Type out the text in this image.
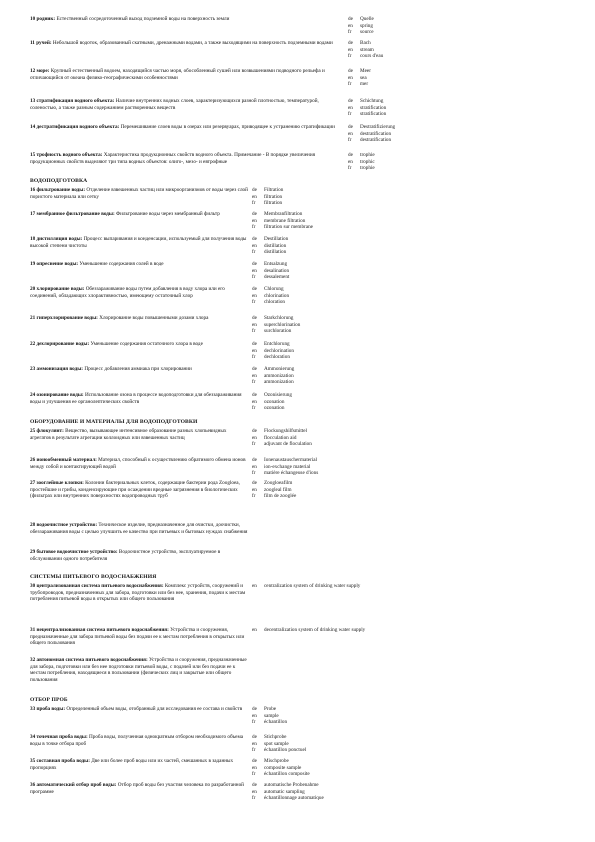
10 родник: Естественный сосредоточенный выход подземной воды на поверхность земли	de Quelle
en spring
fr source
11 ручей: Небольшой водоток, образованный скатными, дренажными водами, а также выходящими на поверхность подземными водами	de Bach
en stream
fr cours d'eau
12 море: Крупный естественный водоем, находящийся частью моря, обособленный сушей или возвышениями подводного рельефа и отличающийся от океана физико-географическими особенностями
de Meer
en sea
fr mer
13 стратификация водного объекта: Наличие внутренних водных слоев, характеризующихся разной плотностью, температурой, соленостью, а также разным содержанием растворенных веществ
de Schichtung
en stratification
fr stratification
14 дестратификация водного объекта: Перемешивание слоев воды в озерах или резервуарах, приводящее к устранению стратификации	de Destratifizierung
en destratification
fr destratification
15 трофность водного объекта: Характеристика продукционных свойств водного объекта. Примечание - В порядке увеличения продукционных свойств выделяют три типа водных объектов: олиго-, мезо- и евтрофные
de trophie
en trophic
fr trophie
ВОДОПОДГОТОВКА
16 фильтрование воды: Отделение взвешенных частиц или микроорганизмов от воды через слой пористого материала или сетку
de Filtration
en filtration
fr filtration
17 мембранное фильтрование воды: Фильтрование воды через мембранный фильтр	de Membranfiltration
en membrane filtration
fr filtration sur membrane
18 дистилляция воды: Процесс выпаривания и конденсации, используемый для получения воды высокой степени чистоты
de Destillation
en distillation
fr distillation
19 опреснение воды: Уменьшение содержания солей в воде	de Entsalzung
en desalination
fr dessalement
20 хлорирование воды: Обеззараживание воды путем добавления в воду хлора или его соединений, обладающих хлорактивностью, имеющему остаточный хлор
de Chlorung
en chlorination
fr chloration
21 гиперхлорирование воды: Хлорирование воды повышенными дозами хлора	de Starkchlorung
en superchlorination
fr surchloration
22 дехлорирование воды: Уменьшение содержания остаточного хлора в воде	de Entchlorung
en dechlorination
fr dechloration
23 аммонизация воды: Процесс добавления аммиака при хлорировании	de Ammonierung
en ammonization
fr ammonization
24 озонирование воды: Использование озона в процессе водоподготовки для обеззараживания воды и улучшения ее органолептических свойств
de Ozonisierung
en ozonation
fr ozonation
ОБОРУДОВАНИЕ И МАТЕРИАЛЫ ДЛЯ ВОДОПОДГОТОВКИ
25 флокулянт: Вещество, вызывающее интенсивное образование разных хлопьевидных агрегатов в результате агрегации коллоидных или взвешенных частиц
de Flockungshilfsmittel
en flocculation aid
fr adjuvant de floculation
26 ионообменный материал: Материал, способный к осуществлению обратимого обмена ионов между собой и контактирующей водой
de Ionenaustauschermaterial
en ion-exchange material
fr matière échangeuse d'ions
27 зооглейные клопки: Колонии бактериальных клеток, содержащие бактерии рода Zoogloea, простейшие и грибы, конденсирующие при осаждении вредные загрязнения в биологических (фильтрах или внутренних поверхностях водопроводных труб
de Zoogloeafilm
en zoogleal film
fr film de zooglée
28 водоочистное устройство: Техническое изделие, предназначенное для очистки, доочистки, обеззараживания воды с целью улучшить ее качество при питьевых и бытовых нуждах снабжения
29 бытовое водоочистное устройство: Водоочистное устройство, эксплуатируемое в обслуживании одного потребителя
СИСТЕМЫ ПИТЬЕВОГО ВОДОСНАБЖЕНИЯ
30 централизованная система питьевого водоснабжения: Комплекс устройств, сооружений и трубопроводов, предназначенных для забора, подготовки или без нее, хранения, подачи к местам потребления питьевой воды в открытых или общего пользования
en centralization system of drinking water supply
31 нецентрализованная система питьевого водоснабжения: Устройства и сооружения, предназначенные для забора питьевой воды без подачи ее к местам потребления в открытых или общего пользования
en decentralization system of drinking water supply
32 автономная система питьевого водоснабжения: Устройства и сооружения, предназначенные для забора, подготовки или без нее подготовки питьевой воды, с подачей или без подачи ее к местам потребления, находящиеся в пользовании (физических лиц и закрытые или общего пользования
ОТБОР ПРОБ
33 проба воды: Определенный объем воды, отобранный для исследования ее состава и свойств	de Probe
en sample
fr échantillon
34 точечная проба воды: Проба воды, полученная однократным отбором необходимого объема воды в точке отбора проб
de Stichprobe
en spot sample
fr échantillon ponctuel
35 составная проба воды: Две или более проб воды или их частей, смешанных в заданных пропорциях
de Mischprobe
en composite sample
fr échantillon composite
36 автоматический отбор проб воды: Отбор проб воды без участия человека по разработанной программе
de automatische Probenahme
en automatic sampling
fr échantillonnage automatique
